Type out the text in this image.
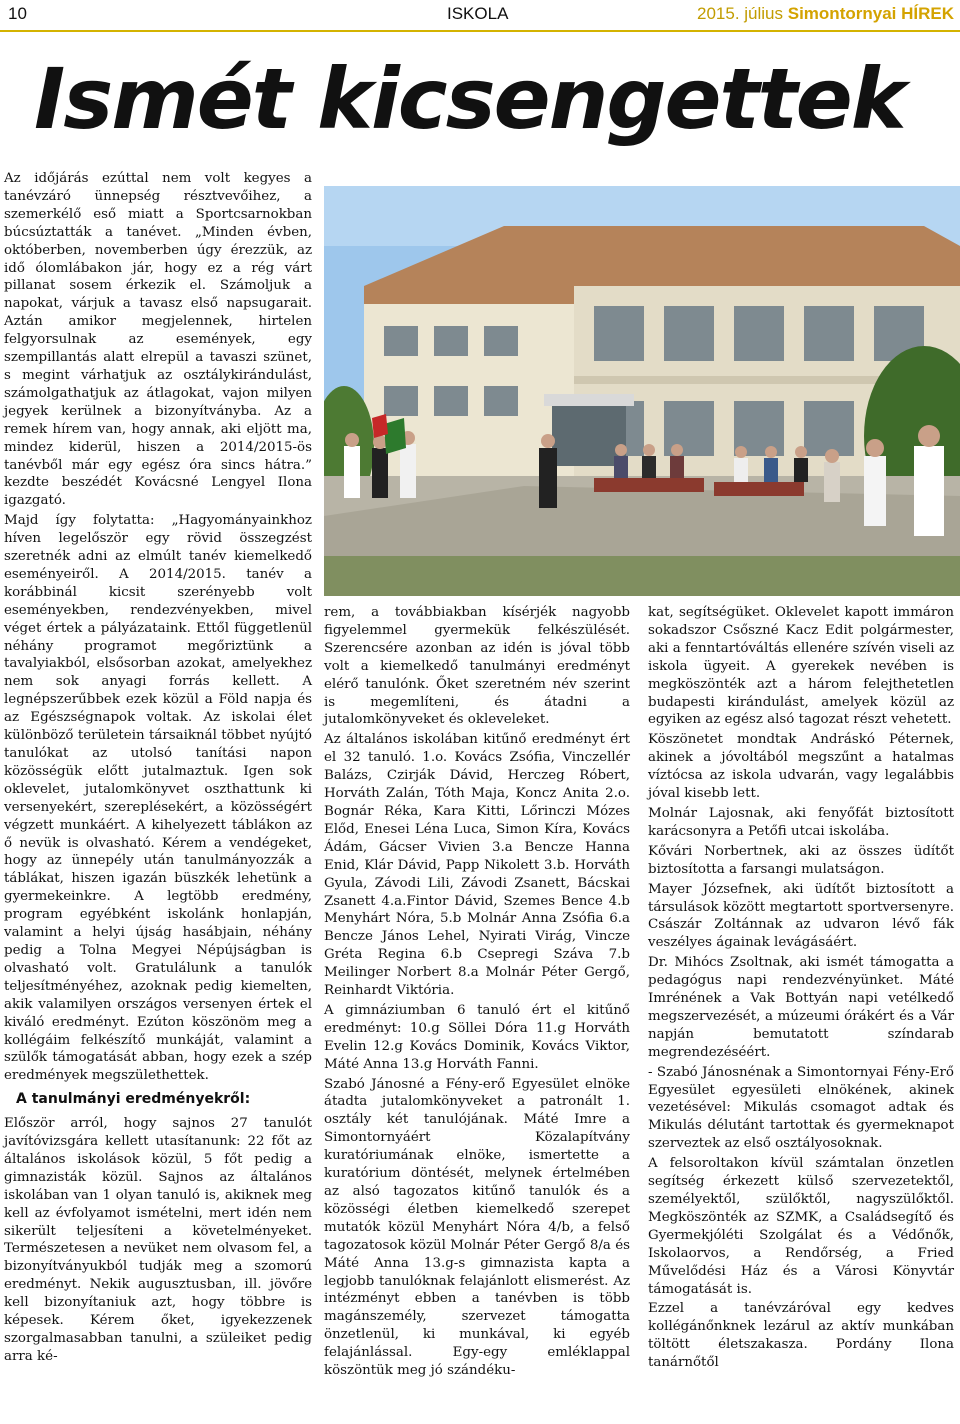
10	ISKOLA	2015. július Simontornyai HÍREK
Ismét kicsengettek

Az időjárás ezúttal nem volt kegyes a tanévzáró ünnepség résztvevőihez, a szemerkélő eső miatt a Sportcsarnokban búcsúztatták a tanévet. „Minden évben, októberben, novemberben úgy érezzük, az idő ólomlábakon jár, hogy ez a rég várt pillanat sosem érkezik el. Számoljuk a napokat, várjuk a tavasz első napsugarait. Aztán amikor megjelennek, hirtelen felgyorsulnak az események, egy szempillantás alatt elrepül a tavaszi szünet, s megint várhatjuk az osztálykirándulást, számolgathatjuk az átlagokat, vajon milyen jegyek kerülnek a bizonyítványba. Az a remek hírem van, hogy annak, aki eljött ma, mindez kiderül, hiszen a 2014/2015-ös tanévből már egy egész óra sincs hátra.” kezdte beszédét Kovácsné Lengyel Ilona igazgató.

Majd így folytatta: „Hagyományainkhoz híven legelőször egy rövid összegzést szeretnék adni az elmúlt tanév kiemelkedő eseményeiről. A 2014/2015. tanév a korábbinál kicsit szerényebb volt eseményekben, rendezvényekben, mivel véget értek a pályázataink. Ettől függetlenül néhány programot megőriztünk a tavalyiakból, elsősorban azokat, amelyekhez nem sok anyagi forrás kellett. A legnépszerűbbek ezek közül a Föld napja és az Egészségnapok voltak. Az iskolai élet különböző területein társaiknál többet nyújtó tanulókat az utolsó tanítási napon közösségük előtt jutalmaztuk. Igen sok oklevelet, jutalomkönyvet oszthattunk ki versenyekért, szereplésekért, a közösségért végzett munkáért. A kihelyezett táblákon az ő nevük is olvasható. Kérem a vendégeket, hogy az ünnepély után tanulmányozzák a táblákat, hiszen igazán büszkék lehetünk a gyermekeinkre. A legtöbb eredmény, program egyébként iskolánk honlapján, valamint a helyi újság hasábjain, néhány pedig a Tolna Megyei Népújságban is olvasható volt. Gratulálunk a tanulók teljesítményéhez, azoknak pedig kiemelten, akik valamilyen országos versenyen értek el kiváló eredményt. Ezúton köszönöm meg a kollégáim felkészítő munkáját, valamint a szülők támogatását abban, hogy ezek a szép eredmények megszülethettek.

A tanulmányi eredményekről:

Először arról, hogy sajnos 27 tanulót javítóvizsgára kellett utasítanunk: 22 főt az általános iskolások közül, 5 főt pedig a gimnazisták közül. Sajnos az általános iskolában van 1 olyan tanuló is, akiknek meg kell az évfolyamot ismételni, mert idén nem sikerült teljesíteni a követelményeket. Természetesen a nevüket nem olvasom fel, a bizonyítványukból tudják meg a szomorú eredményt. Nekik augusztusban, ill. jövőre kell bizonyítaniuk azt, hogy többre is képesek. Kérem őket, igyekezzenek szorgalmasabban tanulni, a szüleiket pedig arra ké-

rem, a továbbiakban kísérjék nagyobb figyelemmel gyermekük felkészülését. Szerencsére azonban az idén is jóval több volt a kiemelkedő tanulmányi eredményt elérő tanulónk. Őket szeretném név szerint is megemlíteni, és átadni a jutalomkönyveket és okleveleket.

Az általános iskolában kitűnő eredményt ért el 32 tanuló. 1.o. Kovács Zsófia, Vinczellér Balázs, Czirják Dávid, Herczeg Róbert, Horváth Zalán, Tóth Maja, Koncz Anita 2.o. Bognár Réka, Kara Kitti, Lőrinczi Mózes Előd, Enesei Léna Luca, Simon Kíra, Kovács Ádám, Gácser Vivien 3.a Bencze Hanna Enid, Klár Dávid, Papp Nikolett 3.b. Horváth Gyula, Závodi Lili, Závodi Zsanett, Bácskai Zsanett 4.a.Fintor Dávid, Szemes Bence 4.b Menyhárt Nóra, 5.b Molnár Anna Zsófia 6.a Bencze János Lehel, Nyirati Virág, Vincze Gréta Regina 6.b Csepregi Száva 7.b Meilinger Norbert 8.a Molnár Péter Gergő, Reinhardt Viktória.

A gimnáziumban 6 tanuló ért el kitűnő eredményt: 10.g Söllei Dóra 11.g Horváth Evelin 12.g Kovács Dominik, Kovács Viktor, Máté Anna 13.g Horváth Fanni.

Szabó Jánosné a Fény-erő Egyesület elnöke átadta jutalomkönyveket a patronált 1. osztály két tanulójának. Máté Imre a Simontornyáért Közalapítvány kuratóriumának elnöke, ismertette a kuratórium döntését, melynek értelmében az alsó tagozatos kitűnő tanulók és a közösségi életben kiemelkedő szerepet mutatók közül Menyhárt Nóra 4/b, a felső tagozatosok közül Molnár Péter Gergő 8/a és Máté Anna 13.g-s gimnazista kapta a legjobb tanulóknak felajánlott elismerést. Az intézményt ebben a tanévben is több magánszemély, szervezet támogatta önzetlenül, ki munkával, ki egyéb felajánlással. Egy-egy emléklappal köszöntük meg jó szándéku-

kat, segítségüket. Oklevelet kapott immáron sokadszor Csőszné Kacz Edit polgármester, aki a fenntartóváltás ellenére szívén viseli az iskola ügyeit. A gyerekek nevében is megköszönték azt a három felejthetetlen budapesti kirándulást, amelyek közül az egyiken az egész alsó tagozat részt vehetett.

Köszönetet mondtak Andráskó Péternek, akinek a jóvoltából megszűnt a hatalmas víztócsa az iskola udvarán, vagy legalábbis jóval kisebb lett.

Molnár Lajosnak, aki fenyőfát biztosított karácsonyra a Petőfi utcai iskolába.

Kővári Norbertnek, aki az összes üdítőt biztosította a farsangi mulatságon.

Mayer Józsefnek, aki üdítőt biztosított a társulások között megtartott sportversenyre. Császár Zoltánnak az udvaron lévő fák veszélyes ágainak levágásáért.

Dr. Mihócs Zsoltnak, aki ismét támogatta a pedagógus napi rendezvényünket. Máté Imrénének a Vak Bottyán napi vetélkedő megszervezését, a múzeumi órákért és a Vár napján bemutatott színdarab megrendezéséért.

- Szabó Jánosnénak a Simontornyai Fény-Erő Egyesület egyesületi elnökének, akinek vezetésével: Mikulás csomagot adtak és Mikulás délutánt tartottak és gyermeknapot szerveztek az első osztályosoknak.

A felsoroltakon kívül számtalan önzetlen segítség érkezett külső szervezetektől, személyektől, szülőktől, nagyszülőktől. Megköszönték az SZMK, a Családsegítő és Gyermekjóléti Szolgálat és a Védőnők, Iskolaorvos, a Rendőrség, a Fried Művelődési Ház és a Városi Könyvtár támogatását is.

Ezzel a tanévzáróval egy kedves kollégánőnknek lezárul az aktív munkában töltött életszakasza. Pordány Ilona tanárnőtől
